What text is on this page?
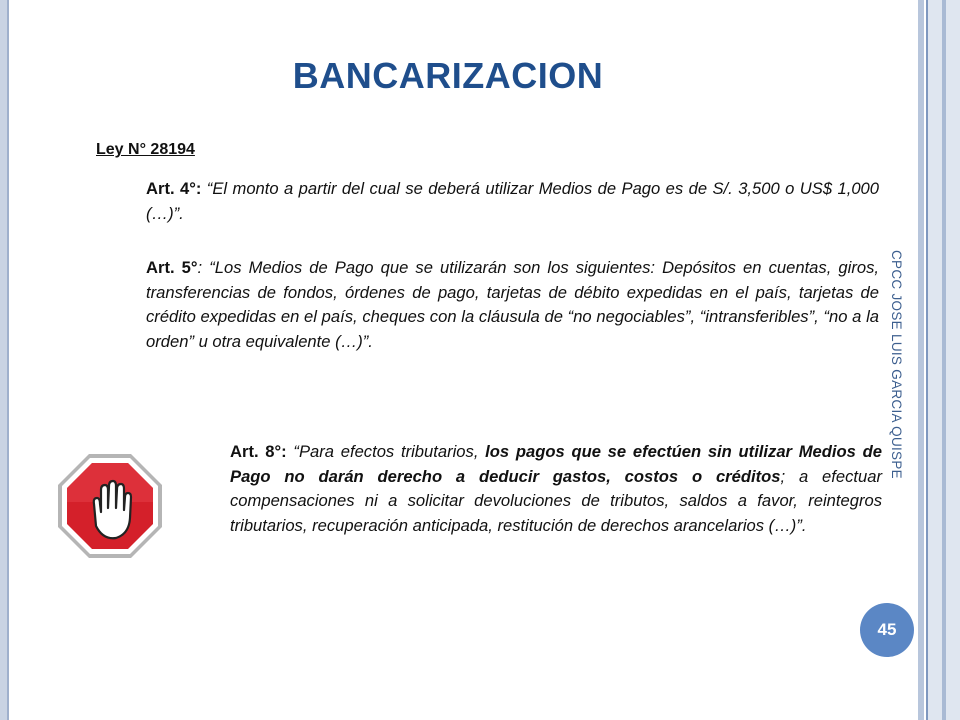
BANCARIZACION
Ley N° 28194
Art. 4°: “El monto a partir del cual se deberá utilizar Medios de Pago es de S/. 3,500 o US$ 1,000 (…)”.
Art. 5°: “Los Medios de Pago que se utilizarán son los siguientes: Depósitos en cuentas, giros, transferencias de fondos, órdenes de pago, tarjetas de débito expedidas en el país, tarjetas de crédito expedidas en el país, cheques con la cláusula de “no negociables”, “intransferibles”, “no a la orden” u otra equivalente (…)”.	CPCC JOSE LUIS GARCIA QUISPE
Art. 8°: “Para efectos tributarios, los pagos que se efectúen sin utilizar Medios de Pago no darán derecho a deducir gastos, costos o créditos; a efectuar compensaciones ni a solicitar devoluciones de tributos, saldos a favor, reintegros tributarios, recuperación anticipada, restitución de derechos arancelarios (…)”.
45
